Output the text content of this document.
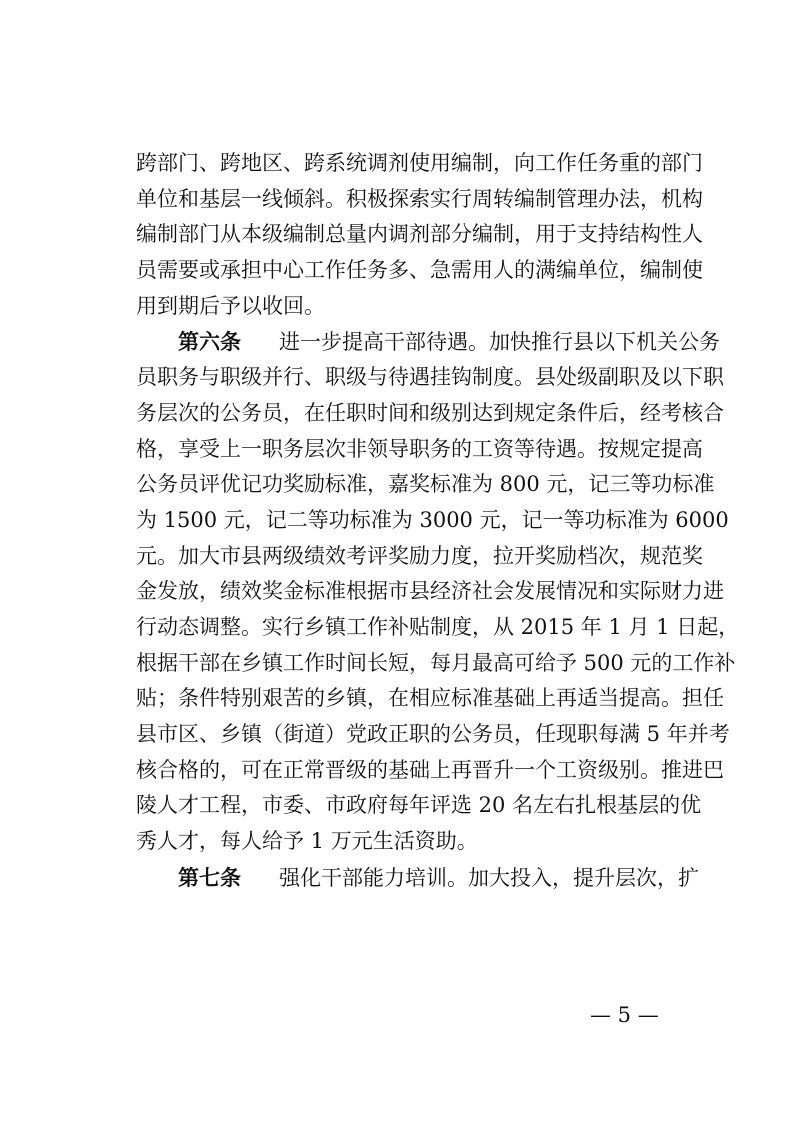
跨部门、跨地区、跨系统调剂使用编制，向工作任务重的部门
单位和基层一线倾斜。积极探索实行周转编制管理办法，机构
编制部门从本级编制总量内调剂部分编制，用于支持结构性人
员需要或承担中心工作任务多、急需用人的满编单位，编制使
用到期后予以收回。
第六条 进一步提高干部待遇。加快推行县以下机关公务
员职务与职级并行、职级与待遇挂钩制度。县处级副职及以下职
务层次的公务员，在任职时间和级别达到规定条件后，经考核合
格，享受上一职务层次非领导职务的工资等待遇。按规定提高
公务员评优记功奖励标准，嘉奖标准为 800 元，记三等功标准
为 1500 元，记二等功标准为 3000 元，记一等功标准为 6000
元。加大市县两级绩效考评奖励力度，拉开奖励档次，规范奖
金发放，绩效奖金标准根据市县经济社会发展情况和实际财力进
行动态调整。实行乡镇工作补贴制度，从 2015 年 1 月 1 日起，
根据干部在乡镇工作时间长短，每月最高可给予 500 元的工作补
贴；条件特别艰苦的乡镇，在相应标准基础上再适当提高。担任
县市区、乡镇（街道）党政正职的公务员，任现职每满 5 年并考
核合格的，可在正常晋级的基础上再晋升一个工资级别。推进巴
陵人才工程，市委、市政府每年评选 20 名左右扎根基层的优
秀人才，每人给予 1 万元生活资助。
第七条 强化干部能力培训。加大投入，提升层次，扩
— 5 —
